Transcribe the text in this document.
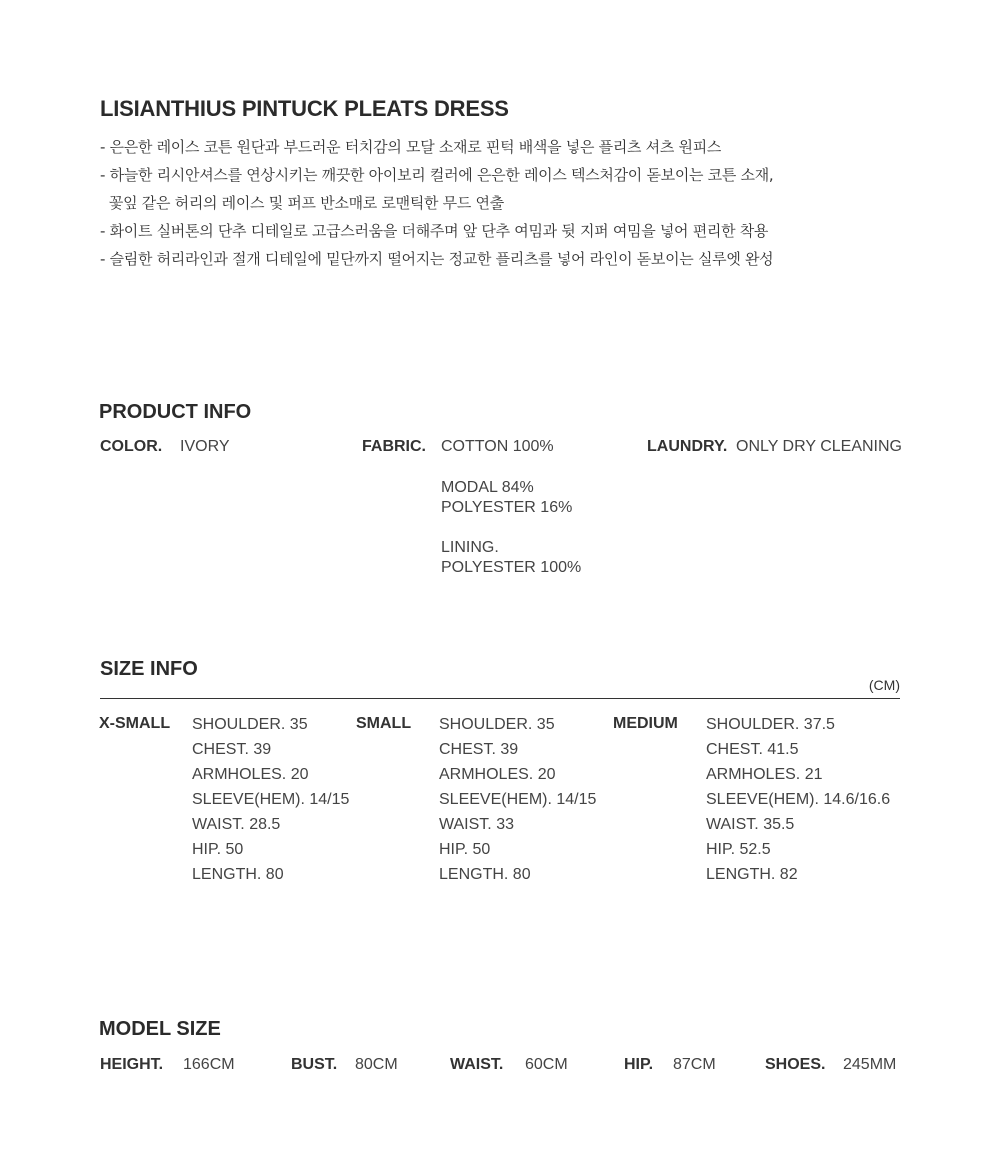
LISIANTHIUS PINTUCK PLEATS DRESS
- 은은한 레이스 코튼 원단과 부드러운 터치감의 모달 소재로 핀턱 배색을 넣은 플리츠 셔츠 원피스
- 하늘한 리시안셔스를 연상시키는 깨끗한 아이보리 컬러에 은은한 레이스 텍스처감이 돋보이는 코튼 소재,
꽃잎 같은 허리의 레이스 및 퍼프 반소매로 로맨틱한 무드 연출
- 화이트 실버톤의 단추 디테일로 고급스러움을 더해주며 앞 단추 여밈과 뒷 지퍼 여밈을 넣어 편리한 착용
- 슬림한 허리라인과 절개 디테일에 밑단까지 떨어지는 정교한 플리츠를 넣어 라인이 돋보이는 실루엣 완성
PRODUCT INFO
COLOR. IVORY	FABRIC. COTTON 100%
MODAL 84%
POLYESTER 16%
LINING.
POLYESTER 100%
LAUNDRY. ONLY DRY CLEANING
SIZE INFO
(CM)
X-SMALL SHOULDER. 35
CHEST. 39
ARMHOLES. 20
SLEEVE(HEM). 14/15
WAIST. 28.5
HIP. 50
LENGTH. 80
SMALL SHOULDER. 35
CHEST. 39
ARMHOLES. 20
SLEEVE(HEM). 14/15
WAIST. 33
HIP. 50
LENGTH. 80
MEDIUM SHOULDER. 37.5
CHEST. 41.5
ARMHOLES. 21
SLEEVE(HEM). 14.6/16.6
WAIST. 35.5
HIP. 52.5
LENGTH. 82
MODEL SIZE
HEIGHT. 166CM	BUST. 80CM	WAIST. 60CM	HIP. 87CM	SHOES. 245MM
